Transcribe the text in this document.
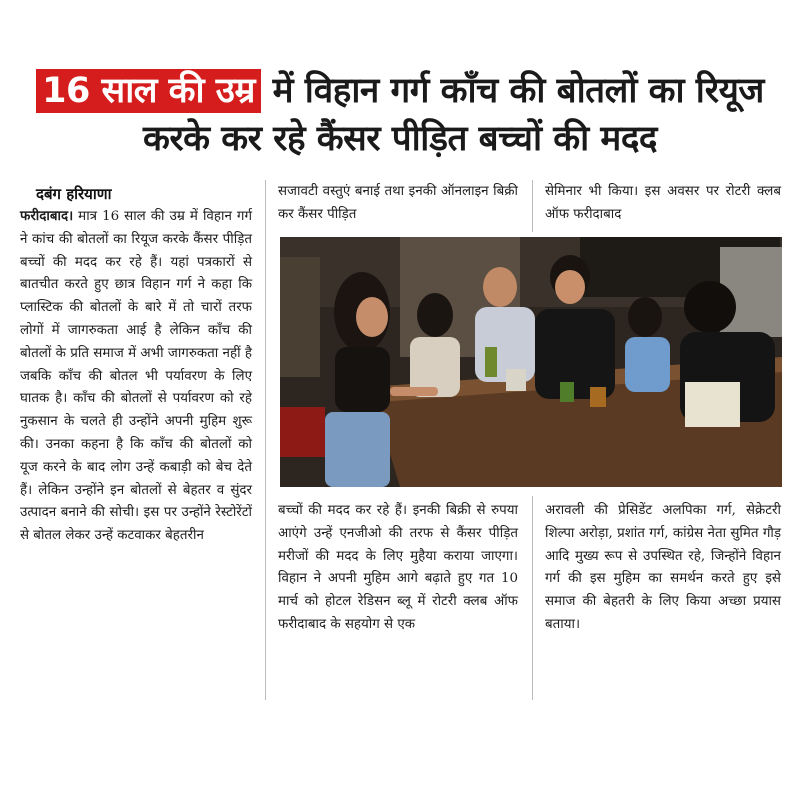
16 साल की उम्र में विहान गर्ग काँच की बोतलों का रियूज
करके कर रहे कैंसर पीड़ित बच्चों की मदद
दबंग हरियाणा

फरीदाबाद। मात्र 16 साल की उम्र में विहान गर्ग ने कांच की बोतलों का रियूज करके कैंसर पीड़ित बच्चों की मदद कर रहे हैं। यहां पत्रकारों से बातचीत करते हुए छात्र विहान गर्ग ने कहा कि प्लास्टिक की बोतलों के बारे में तो चारों तरफ लोगों में जागरुकता आई है लेकिन काँच की बोतलों के प्रति समाज में अभी जागरुकता नहीं है जबकि काँच की बोतल भी पर्यावरण के लिए घातक है। काँच की बोतलों से पर्यावरण को रहे नुकसान के चलते ही उन्होंने अपनी मुहिम शुरू की। उनका कहना है कि काँच की बोतलों को यूज करने के बाद लोग उन्हें कबाड़ी को बेच देते हैं। लेकिन उन्होंने इन बोतलों से बेहतर व सुंदर उत्पादन बनाने की सोची। इस पर उन्होंने रेस्टोरेंटों से बोतल लेकर उन्हें कटवाकर बेहतरीन

सजावटी वस्तुएं बनाई तथा इनकी ऑनलाइन बिक्री कर कैंसर पीड़ित
सेमिनार भी किया। इस अवसर पर रोटरी क्लब ऑफ फरीदाबाद
बच्चों की मदद कर रहे हैं। इनकी बिक्री से रुपया आएंगे उन्हें एनजीओ की तरफ से कैंसर पीड़ित मरीजों की मदद के लिए मुहैया कराया जाएगा। विहान ने अपनी मुहिम आगे बढ़ाते हुए गत 10 मार्च को होटल रेडिसन ब्लू में रोटरी क्लब ऑफ फरीदाबाद के सहयोग से एक
अरावली की प्रेसिडेंट अलपिका गर्ग, सेक्रेटरी शिल्पा अरोड़ा, प्रशांत गर्ग, कांग्रेस नेता सुमित गौड़ आदि मुख्य रूप से उपस्थित रहे, जिन्होंने विहान गर्ग की इस मुहिम का समर्थन करते हुए इसे समाज की बेहतरी के लिए किया अच्छा प्रयास बताया।
